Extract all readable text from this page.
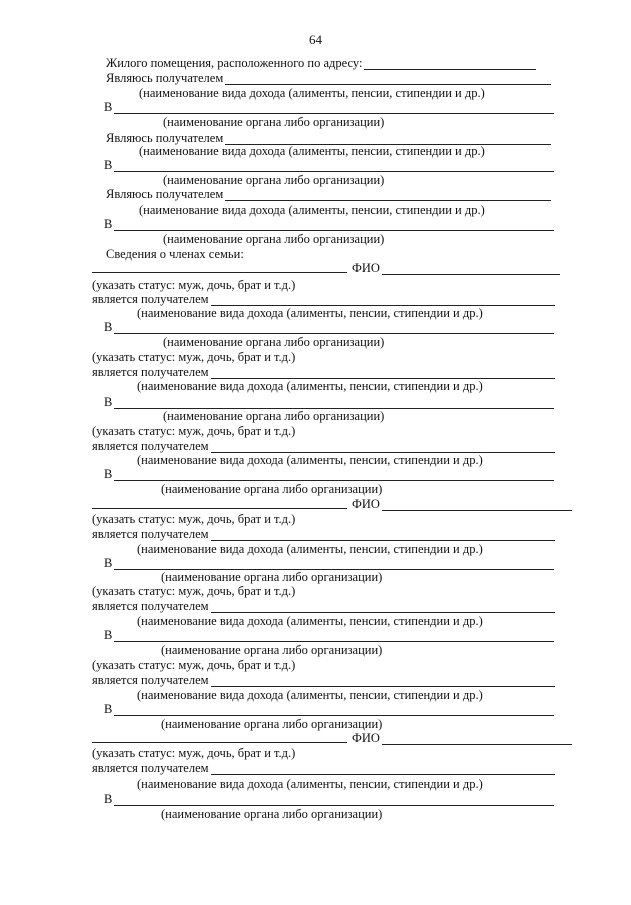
64
Жилого помещения, расположенного по адресу:
Являюсь получателем
(наименование вида дохода (алименты, пенсии, стипендии и др.)
В
(наименование органа либо организации)
Являюсь получателем
(наименование вида дохода (алименты, пенсии, стипендии и др.)
В
(наименование органа либо организации)
Являюсь получателем
(наименование вида дохода (алименты, пенсии, стипендии и др.)
В
(наименование органа либо организации)
Сведения о членах семьи:
ФИО
(указать статус: муж, дочь, брат и т.д.)
является получателем
(наименование вида дохода (алименты, пенсии, стипендии и др.)
В
(наименование органа либо организации)
(указать статус: муж, дочь, брат и т.д.)
является получателем
(наименование вида дохода (алименты, пенсии, стипендии и др.)
В
(наименование органа либо организации)
(указать статус: муж, дочь, брат и т.д.)
является получателем
(наименование вида дохода (алименты, пенсии, стипендии и др.)
В
(наименование органа либо организации)
ФИО
(указать статус: муж, дочь, брат и т.д.)
является получателем
(наименование вида дохода (алименты, пенсии, стипендии и др.)
В
(наименование органа либо организации)
(указать статус: муж, дочь, брат и т.д.)
является получателем
(наименование вида дохода (алименты, пенсии, стипендии и др.)
В
(наименование органа либо организации)
(указать статус: муж, дочь, брат и т.д.)
является получателем
(наименование вида дохода (алименты, пенсии, стипендии и др.)
В
(наименование органа либо организации)
ФИО
(указать статус: муж, дочь, брат и т.д.)
является получателем
(наименование вида дохода (алименты, пенсии, стипендии и др.)
В
(наименование органа либо организации)
